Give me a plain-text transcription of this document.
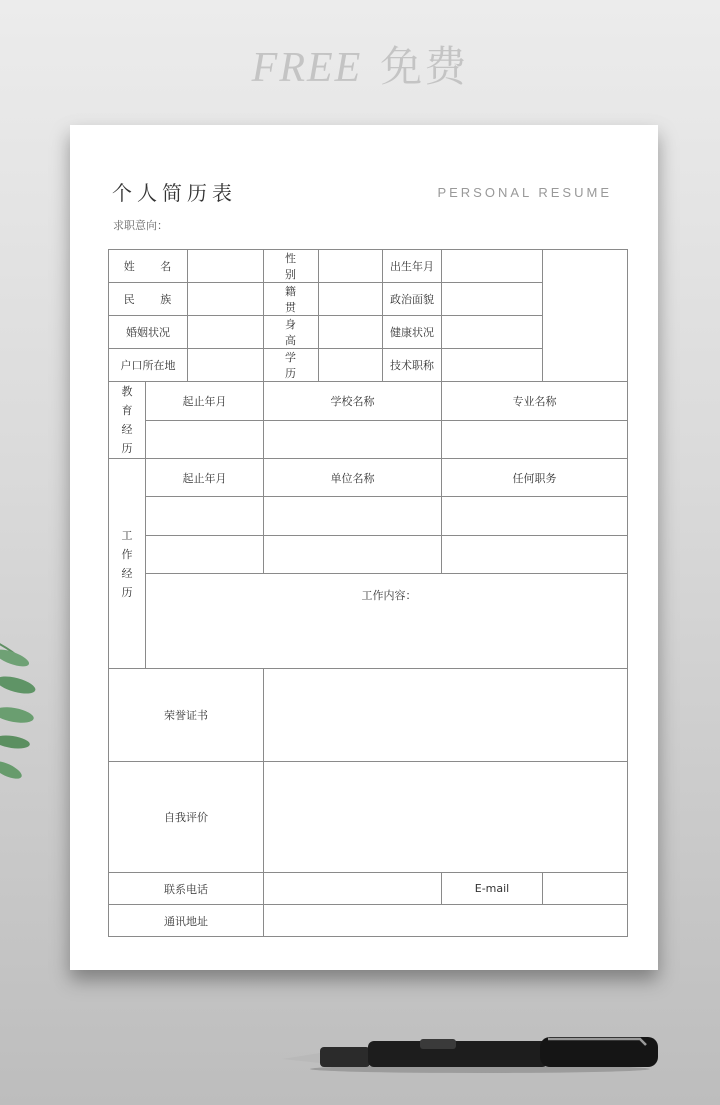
FREE 免费
个人简历表	PERSONAL RESUME
求职意向：
姓 名			性 别		出生年月		
民 族			籍 贯		政治面貌		
婚姻状况			身 高		健康状况		
户口所在地			学 历		技术职称		

教
育
经
历	起止年月		学校名称			专业名称	

工
作
经
历	起止年月		单位名称			任何职务	

	工作内容：						
荣誉证书							
自我评价							
联系电话						E-mail	
通讯地址							
